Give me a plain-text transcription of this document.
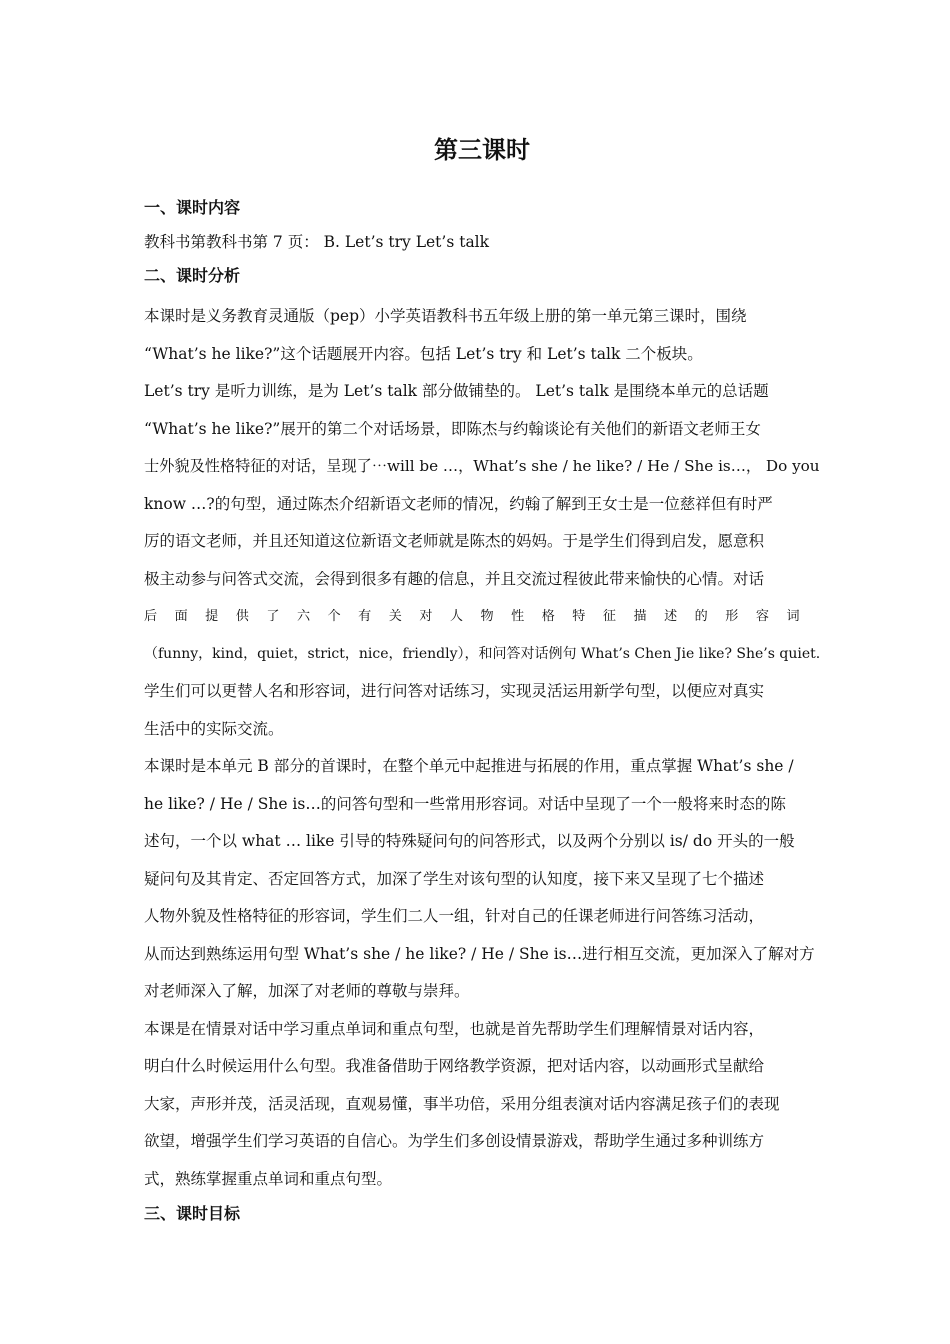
第三课时
一、课时内容
教科书第教科书第 7 页： B. Let’s try Let’s talk
二、课时分析
本课时是义务教育灵通版（pep）小学英语教科书五年级上册的第一单元第三课时，围绕
“What’s he like?”这个话题展开内容。包括 Let’s try 和 Let’s talk 二个板块。
Let’s try 是听力训练，是为 Let’s talk 部分做铺垫的。 Let’s talk 是围绕本单元的总话题
“What’s he like?”展开的第二个对话场景，即陈杰与约翰谈论有关他们的新语文老师王女
士外貌及性格特征的对话，呈现了⋯will be …，What’s she / he like? / He / She is…， Do you
know …?的句型，通过陈杰介绍新语文老师的情况，约翰了解到王女士是一位慈祥但有时严
厉的语文老师，并且还知道这位新语文老师就是陈杰的妈妈。于是学生们得到启发，愿意积
极主动参与问答式交流，会得到很多有趣的信息，并且交流过程彼此带来愉快的心情。对话
后面提供了六个有关对人物性格特征描述的形容词
（funny，kind，quiet，strict，nice，friendly），和问答对话例句 What’s Chen Jie like? She’s quiet.
学生们可以更替人名和形容词，进行问答对话练习，实现灵活运用新学句型，以便应对真实
生活中的实际交流。
本课时是本单元 B 部分的首课时，在整个单元中起推进与拓展的作用，重点掌握 What’s she /
he like? / He / She is…的问答句型和一些常用形容词。对话中呈现了一个一般将来时态的陈
述句，一个以 what … like 引导的特殊疑问句的问答形式，以及两个分别以 is/ do 开头的一般
疑问句及其肯定、否定回答方式，加深了学生对该句型的认知度，接下来又呈现了七个描述
人物外貌及性格特征的形容词，学生们二人一组，针对自己的任课老师进行问答练习活动，
从而达到熟练运用句型 What’s she / he like? / He / She is…进行相互交流，更加深入了解对方
对老师深入了解，加深了对老师的尊敬与崇拜。
本课是在情景对话中学习重点单词和重点句型，也就是首先帮助学生们理解情景对话内容，
明白什么时候运用什么句型。我准备借助于网络教学资源，把对话内容，以动画形式呈献给
大家，声形并茂，活灵活现，直观易懂，事半功倍，采用分组表演对话内容满足孩子们的表现
欲望，增强学生们学习英语的自信心。为学生们多创设情景游戏，帮助学生通过多种训练方
式，熟练掌握重点单词和重点句型。
三、课时目标
